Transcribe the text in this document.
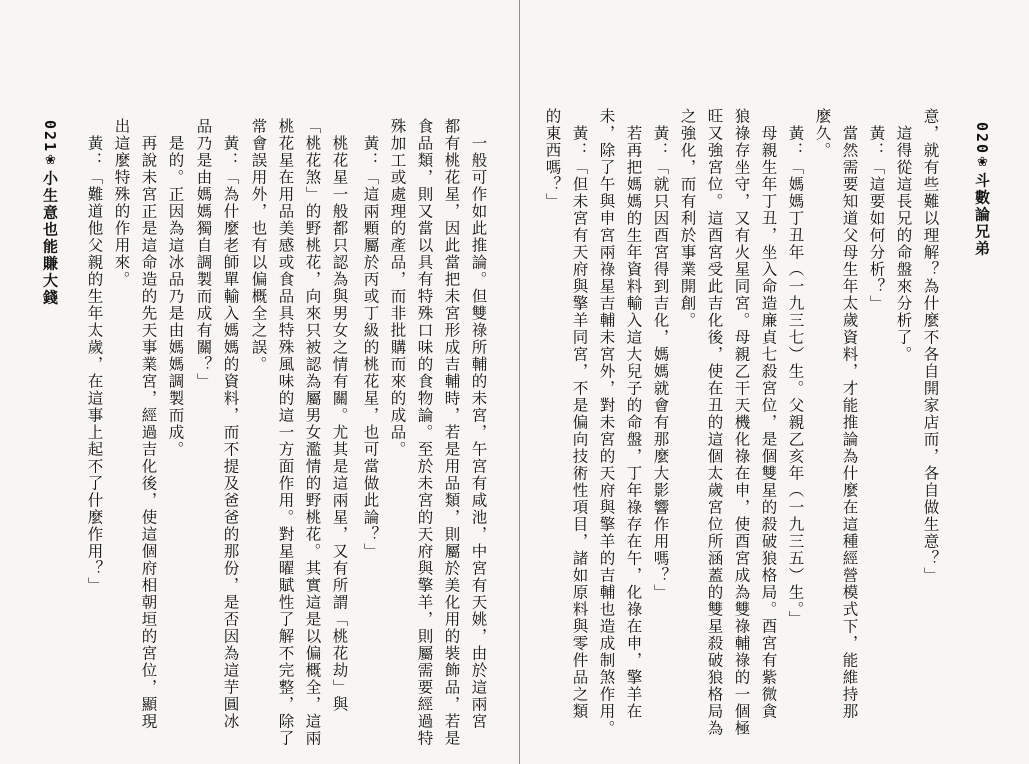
021❀小生意也能賺大錢	　一般可作如此推論。但雙祿所輔的未宮，午宮有咸池，中宮有天姚，由於這兩宮
都有桃花星，因此當把未宮形成吉輔時，若是用品類，則屬於美化用的裝飾品，若是
食品類，則又當以具有特殊口味的食物論。至於未宮的天府與擎羊，則屬需要經過特
殊加工或處理的產品，而非批購而來的成品。
　黃：「這兩顆屬於丙或丁級的桃花星，也可當做此論？」
　桃花星一般都只認為與男女之情有關。尤其是這兩星，又有所謂「桃花劫」與
「桃花煞」的野桃花，向來只被認為屬男女濫情的野桃花。其實這是以偏概全，這兩
桃花星在用品美感或食品具特殊風味的這一方面作用。對星曜賦性了解不完整，除了
常會誤用外，也有以偏概全之誤。
　黃：「為什麼老師單輸入媽媽的資料，而不提及爸爸的那份，是否因為這芋圓冰
品乃是由媽媽獨自調製而成有關？」
　是的。正因為這冰品乃是由媽媽調製而成。
　再說未宮正是這命造的先天事業宮，經過吉化後，使這個府相朝垣的宮位，顯現
出這麼特殊的作用來。
　黃：「難道他父親的生年太歲，在這事上起不了什麼作用？」	020❀斗數論兄弟
意，就有些難以理解？為什麼不各自開家店而，各自做生意？」
　這得從這長兄的命盤來分析了。
　黃：「這要如何分析？」
　當然需要知道父母生年太歲資料，才能推論為什麼在這種經營模式下，能維持那
麼久。
　黃：「媽媽丁丑年（一九三七）生。父親乙亥年（一九三五）生。」
　母親生年丁丑，坐入命造廉貞七殺宮位，是個雙星的殺破狼格局。酉宮有紫微貪
狼祿存坐守，又有火星同宮。母親乙干天機化祿在申，使酉宮成為雙祿輔祿的一個極
旺又強宮位。這酉宮受此吉化後，使在丑的這個太歲宮位所涵蓋的雙星殺破狼格局為
之強化，而有利於事業開創。
　黃：「就只因酉宮得到吉化，媽媽就會有那麼大影響作用嗎？」
　若再把媽媽的生年資料輸入這大兒子的命盤，丁年祿存在午，化祿在申，擎羊在
未，除了午與申宮兩祿星吉輔未宮外，對未宮的天府與擎羊的吉輔也造成制煞作用。
　黃：「但未宮有天府與擎羊同宮，不是偏向技術性項目，諸如原料與零件品之類
的東西嗎？」
